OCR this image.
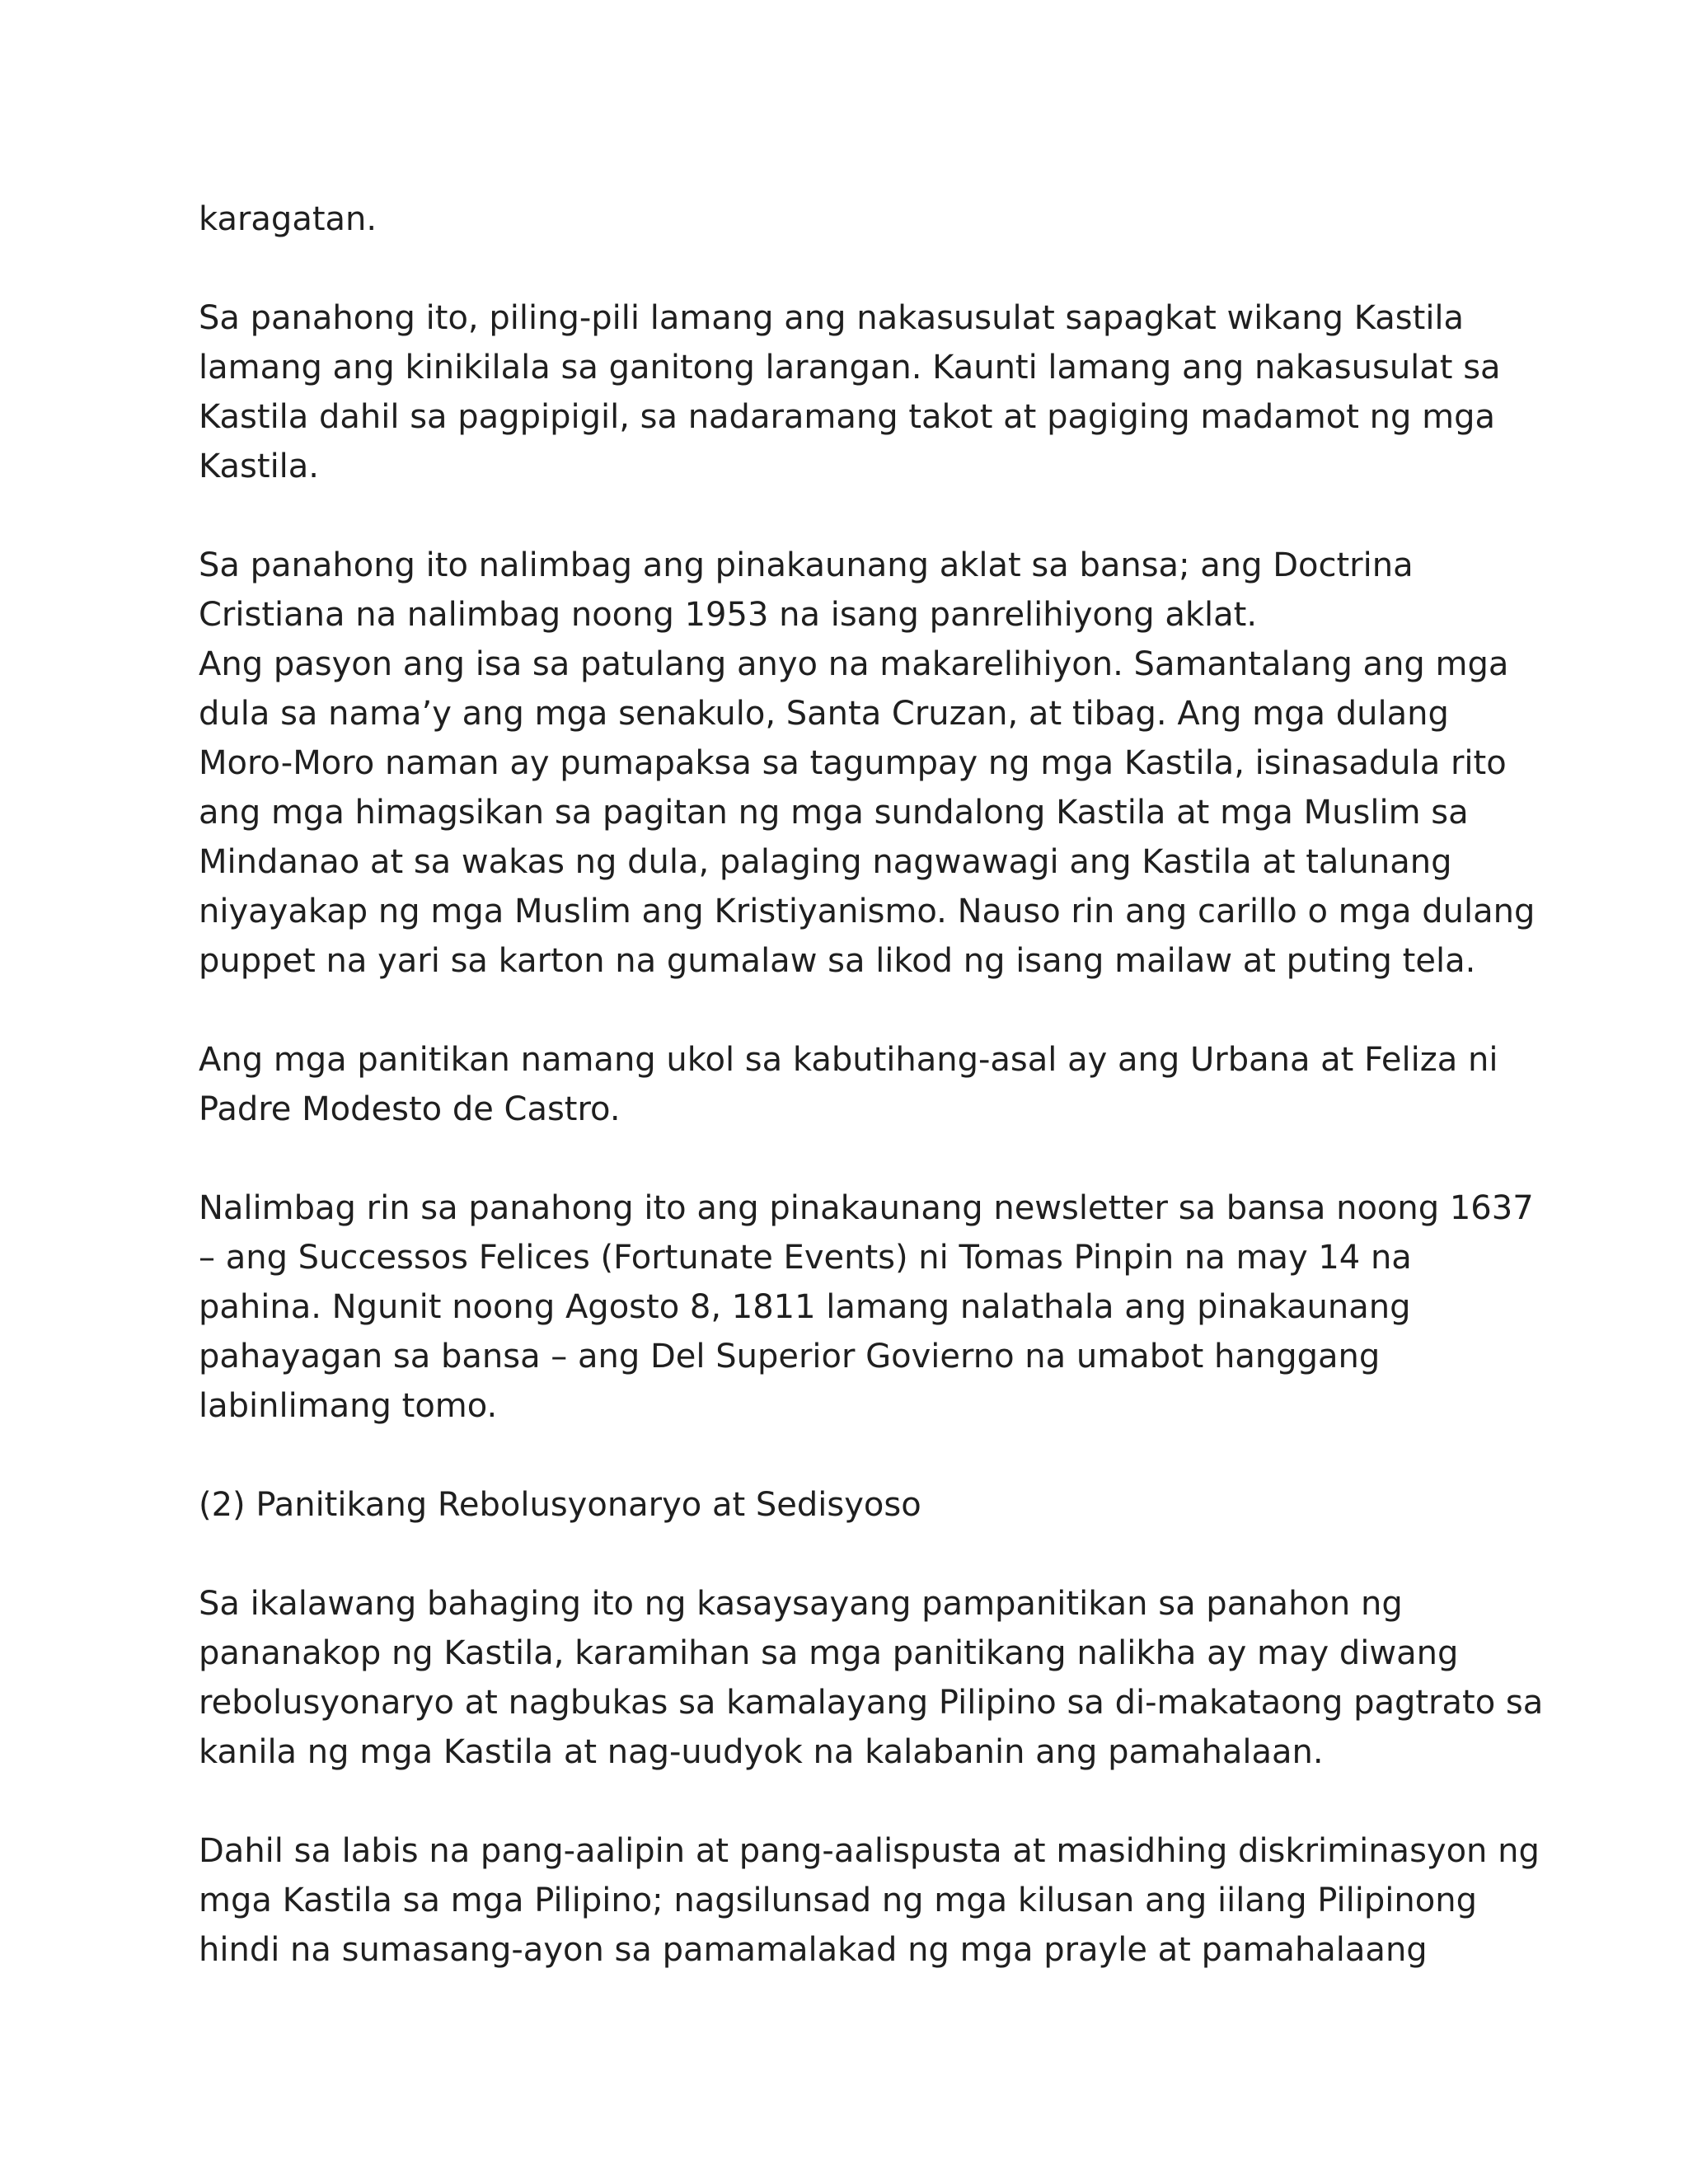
karagatan.

Sa panahong ito, piling-pili lamang ang nakasusulat sapagkat wikang Kastila
lamang ang kinikilala sa ganitong larangan. Kaunti lamang ang nakasusulat sa
Kastila dahil sa pagpipigil, sa nadaramang takot at pagiging madamot ng mga
Kastila.

Sa panahong ito nalimbag ang pinakaunang aklat sa bansa; ang Doctrina
Cristiana na nalimbag noong 1953 na isang panrelihiyong aklat.
Ang pasyon ang isa sa patulang anyo na makarelihiyon. Samantalang ang mga
dula sa nama’y ang mga senakulo, Santa Cruzan, at tibag. Ang mga dulang
Moro-Moro naman ay pumapaksa sa tagumpay ng mga Kastila, isinasadula rito
ang mga himagsikan sa pagitan ng mga sundalong Kastila at mga Muslim sa
Mindanao at sa wakas ng dula, palaging nagwawagi ang Kastila at talunang
niyayakap ng mga Muslim ang Kristiyanismo. Nauso rin ang carillo o mga dulang
puppet na yari sa karton na gumalaw sa likod ng isang mailaw at puting tela.

Ang mga panitikan namang ukol sa kabutihang-asal ay ang Urbana at Feliza ni
Padre Modesto de Castro.

Nalimbag rin sa panahong ito ang pinakaunang newsletter sa bansa noong 1637
– ang Successos Felices (Fortunate Events) ni Tomas Pinpin na may 14 na
pahina. Ngunit noong Agosto 8, 1811 lamang nalathala ang pinakaunang
pahayagan sa bansa – ang Del Superior Govierno na umabot hanggang
labinlimang tomo.

(2) Panitikang Rebolusyonaryo at Sedisyoso

Sa ikalawang bahaging ito ng kasaysayang pampanitikan sa panahon ng
pananakop ng Kastila, karamihan sa mga panitikang nalikha ay may diwang
rebolusyonaryo at nagbukas sa kamalayang Pilipino sa di-makataong pagtrato sa
kanila ng mga Kastila at nag-uudyok na kalabanin ang pamahalaan.

Dahil sa labis na pang-aalipin at pang-aalispusta at masidhing diskriminasyon ng
mga Kastila sa mga Pilipino; nagsilunsad ng mga kilusan ang iilang Pilipinong
hindi na sumasang-ayon sa pamamalakad ng mga prayle at pamahalaang
